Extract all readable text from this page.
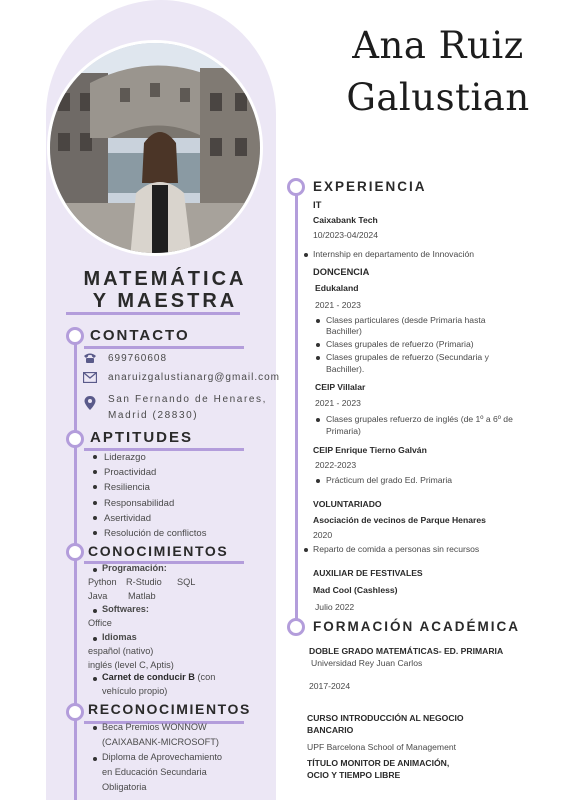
Ana Ruiz
Galustian
MATEMÁTICA
Y MAESTRA
CONTACTO
699760608
anaruizgalustianarg@gmail.com
San Fernando de Henares,
Madrid (28830)
APTITUDES
Liderazgo
Proactividad
Resiliencia
Responsabilidad
Asertividad
Resolución de conflictos
CONOCIMIENTOS
Programación:
Python R-Studio SQL
Java Matlab
Softwares:
Office
Idiomas
español (nativo)
inglés (level C, Aptis)
Carnet de conducir B (con
vehículo propio)
RECONOCIMIENTOS
Beca Premios WONNOW
(CAIXABANK-MICROSOFT)
Diploma de Aprovechamiento
en Educación Secundaria
Obligatoria
EXPERIENCIA
IT
Caixabank Tech
10/2023-04/2024
Internship en departamento de Innovación
DONCENCIA
Edukaland
2021 - 2023
Clases particulares (desde Primaria hasta
Bachiller)
Clases grupales de refuerzo (Primaria)
Clases grupales de refuerzo (Secundaria y
Bachiller).
CEIP Villalar
2021 - 2023
Clases grupales refuerzo de inglés (de 1º a 6º de
Primaria)
CEIP Enrique Tierno Galván
2022-2023
Prácticum del grado Ed. Primaria
VOLUNTARIADO
Asociación de vecinos de Parque Henares
2020
Reparto de comida a personas sin recursos
AUXILIAR DE FESTIVALES
Mad Cool (Cashless)
Julio 2022
FORMACIÓN ACADÉMICA
DOBLE GRADO MATEMÁTICAS- ED. PRIMARIA
Universidad Rey Juan Carlos
2017-2024
CURSO INTRODUCCIÓN AL NEGOCIO
BANCARIO
UPF Barcelona School of Management
TÍTULO MONITOR DE ANIMACIÓN,
OCIO Y TIEMPO LIBRE
